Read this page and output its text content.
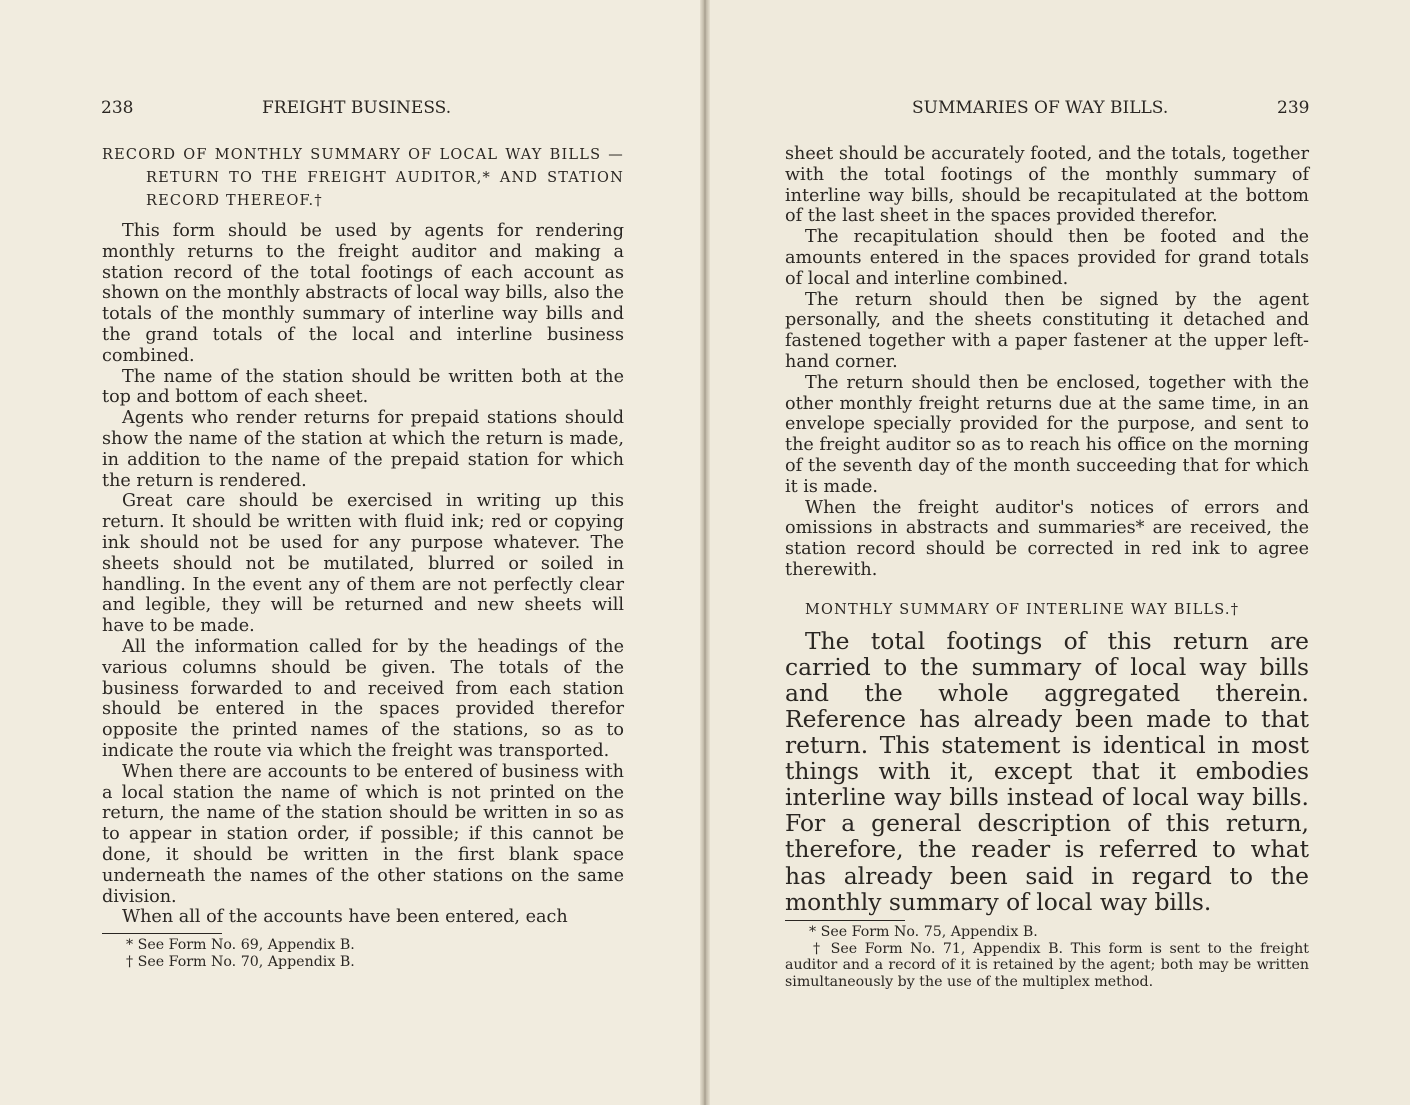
238	FREIGHT BUSINESS.

RECORD OF MONTHLY SUMMARY OF LOCAL WAY BILLS —RETURN TO THE FREIGHT AUDITOR,* AND STATION RECORD THEREOF.†

This form should be used by agents for rendering monthly returns to the freight auditor and making a station record of the total footings of each account as shown on the monthly abstracts of local way bills, also the totals of the monthly summary of interline way bills and the grand totals of the local and interline business combined.

The name of the station should be written both at the top and bottom of each sheet.

Agents who render returns for prepaid stations should show the name of the station at which the return is made, in addition to the name of the prepaid station for which the return is rendered.

Great care should be exercised in writing up this return. It should be written with fluid ink; red or copying ink should not be used for any purpose whatever. The sheets should not be mutilated, blurred or soiled in handling. In the event any of them are not perfectly clear and legible, they will be returned and new sheets will have to be made.

All the information called for by the headings of the various columns should be given. The totals of the business forwarded to and received from each station should be entered in the spaces provided therefor opposite the printed names of the stations, so as to indicate the route via which the freight was transported.

When there are accounts to be entered of business with a local station the name of which is not printed on the return, the name of the station should be written in so as to appear in station order, if possible; if this cannot be done, it should be written in the first blank space underneath the names of the other stations on the same division.

When all of the accounts have been entered, each

* See Form No. 69, Appendix B.

† See Form No. 70, Appendix B.

SUMMARIES OF WAY BILLS.	239

sheet should be accurately footed, and the totals, together with the total footings of the monthly summary of interline way bills, should be recapitulated at the bottom of the last sheet in the spaces provided therefor.

The recapitulation should then be footed and the amounts entered in the spaces provided for grand totals of local and interline combined.

The return should then be signed by the agent personally, and the sheets constituting it detached and fastened together with a paper fastener at the upper left-hand corner.

The return should then be enclosed, together with the other monthly freight returns due at the same time, in an envelope specially provided for the purpose, and sent to the freight auditor so as to reach his office on the morning of the seventh day of the month succeeding that for which it is made.

When the freight auditor's notices of errors and omissions in abstracts and summaries* are received, the station record should be corrected in red ink to agree therewith.

MONTHLY SUMMARY OF INTERLINE WAY BILLS.†

The total footings of this return are carried to the summary of local way bills and the whole aggregated therein. Reference has already been made to that return. This statement is identical in most things with it, except that it embodies interline way bills instead of local way bills. For a general description of this return, therefore, the reader is referred to what has already been said in regard to the monthly summary of local way bills.

* See Form No. 75, Appendix B.

† See Form No. 71, Appendix B. This form is sent to the freight auditor and a record of it is retained by the agent; both may be written simultaneously by the use of the multiplex method.
